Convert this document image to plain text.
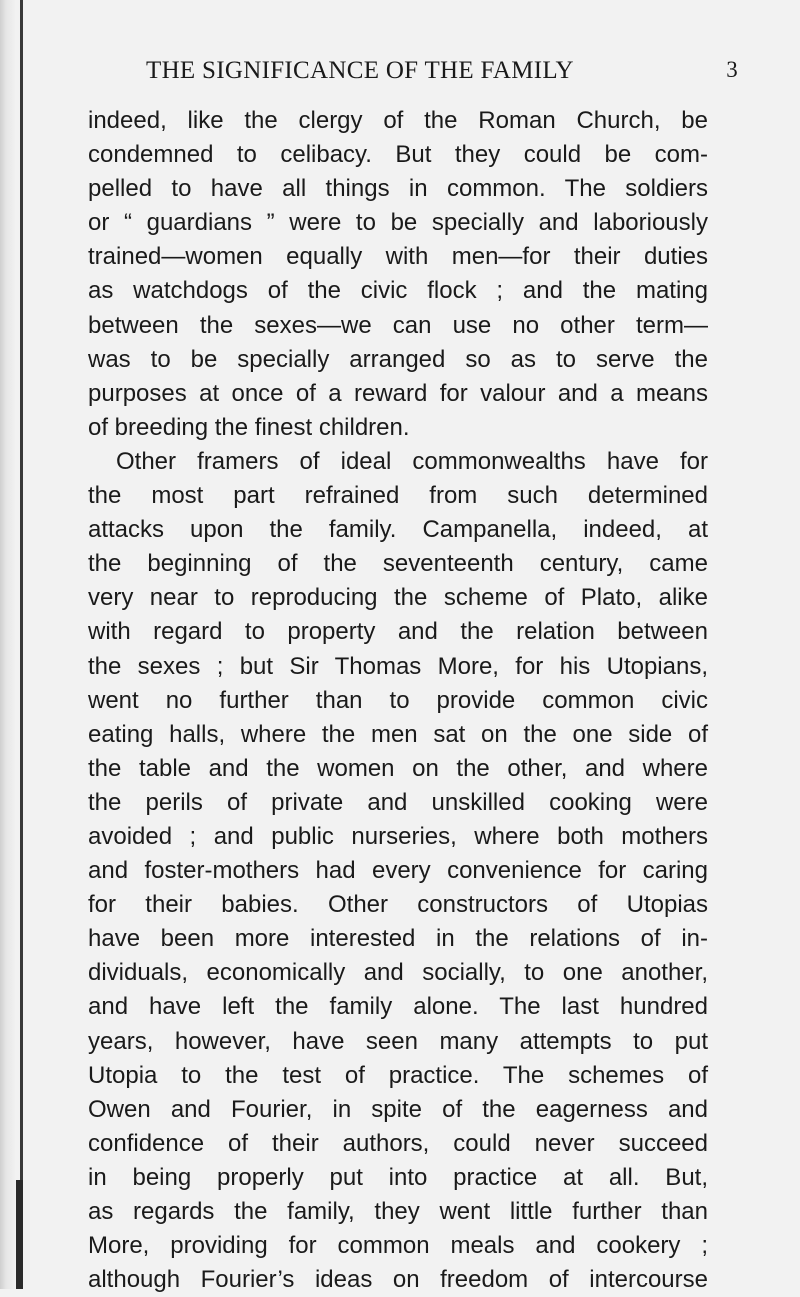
THE SIGNIFICANCE OF THE FAMILY	3
indeed, like the clergy of the Roman Church, be
condemned to celibacy. But they could be com-
pelled to have all things in common. The soldiers
or “ guardians ” were to be specially and laboriously
trained—women equally with men—for their duties
as watchdogs of the civic flock ; and the mating
between the sexes—we can use no other term—
was to be specially arranged so as to serve the
purposes at once of a reward for valour and a means
of breeding the finest children.
Other framers of ideal commonwealths have for
the most part refrained from such determined
attacks upon the family. Campanella, indeed, at
the beginning of the seventeenth century, came
very near to reproducing the scheme of Plato, alike
with regard to property and the relation between
the sexes ; but Sir Thomas More, for his Utopians,
went no further than to provide common civic
eating halls, where the men sat on the one side of
the table and the women on the other, and where
the perils of private and unskilled cooking were
avoided ; and public nurseries, where both mothers
and foster-mothers had every convenience for caring
for their babies. Other constructors of Utopias
have been more interested in the relations of in-
dividuals, economically and socially, to one another,
and have left the family alone. The last hundred
years, however, have seen many attempts to put
Utopia to the test of practice. The schemes of
Owen and Fourier, in spite of the eagerness and
confidence of their authors, could never succeed
in being properly put into practice at all. But,
as regards the family, they went little further than
More, providing for common meals and cookery ;
although Fourier’s ideas on freedom of intercourse
